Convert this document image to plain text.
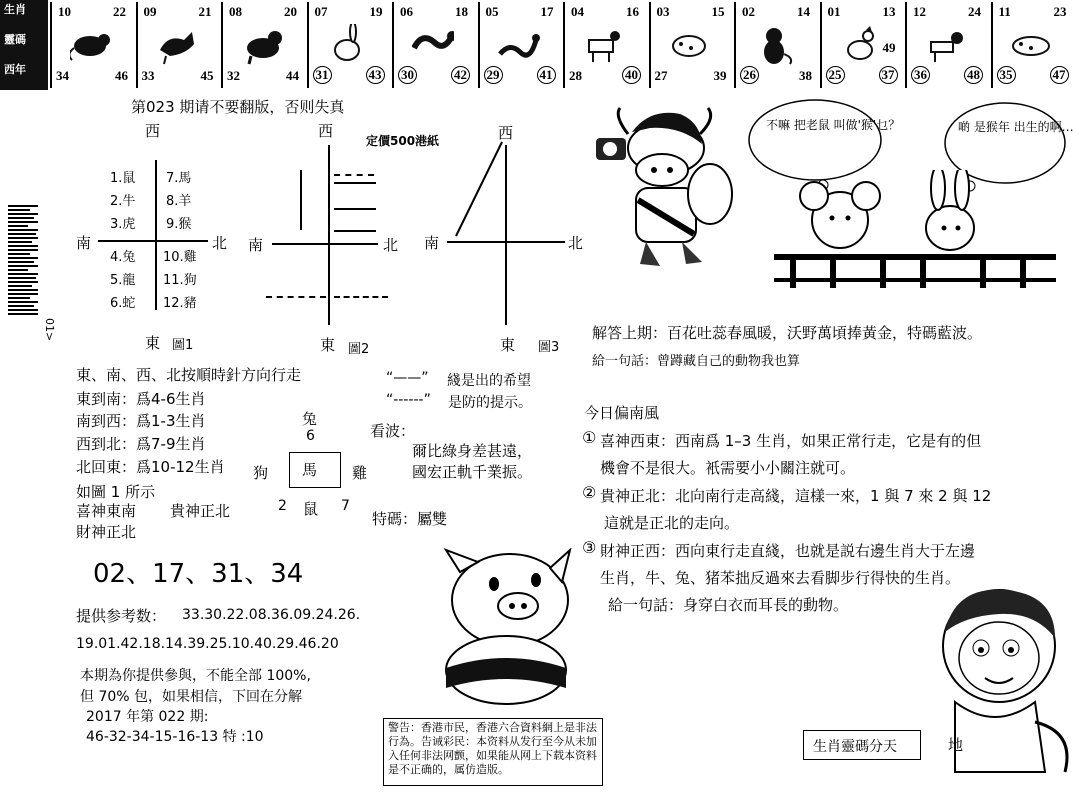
生肖
靈碼
西年
10	22
34	46
09	21
33	45
08	20
32	44
07	19
31	43
06	18
30	42
05	17
29	41
04	16
28	40
03	15
27	39
02	14
26	38
01	13
25	37
49
12	24
36	48
11	23
35	47
第023 期请不要翻版，否则失真
西
南	北
東 圖1
1.鼠
2.牛
3.虎
4.兔
5.龍
6.蛇
7.馬
8.羊
9.猴
10.雞
11.狗
12.豬
西
南	北
東 圖2
定價500港紙	西
南	北
東 圖3
01>
東、南、西、北按順時針方向行走
東到南：爲4-6生肖
南到西：爲1-3生肖
西到北：爲7-9生肖
北回東：爲10-12生肖
如圖 1 所示
喜神東南 貴神正北
財神正北
“——” 綫是出的希望
“------” 是防的提示。
兔
6
狗 馬 雞
2 鼠 7
看波：
爾比綠身差甚遠，
國宏正軌千業振。
特碼：屬雙
02、17、31、34
提供参考数： 33.30.22.08.36.09.24.26.
19.01.42.18.14.39.25.10.40.29.46.20
本期為你提供參與，不能全部 100%,
但 70% 包，如果相信，下回在分解
2017 年第 022 期:
46-32-34-15-16-13 特 :10
警告：香港市民，香港六合資料網上是非法行為。告诫彩民：本资料从发行至今从未加入任何非法网颤，如果能从网上下载本资料是不正确的，属仿造版。
不嘛 把老鼠 叫做'猴'乜？	啲 是猴年 出生的啊…
解答上期：百花吐蕊春風暖，沃野萬頃捧黃金，特碼藍波。
給一句話：曾蹲藏自己的動物我也算
今日偏南風
① 喜神西東：西南爲 1–3 生肖，如果正常行走，它是有的但
機會不是很大。衹需要小小關注就可。
② 貴神正北：北向南行走高綫，這樣一來，1 與 7 來 2 與 12
這就是正北的走向。
③ 財神正西：西向東行走直綫，也就是説右邊生肖大于左邊
生肖，牛、兔、猪苯拙反過來去看脚步行得快的生肖。
給一句話：身穿白衣而耳長的動物。
生肖靈碼分天	地
